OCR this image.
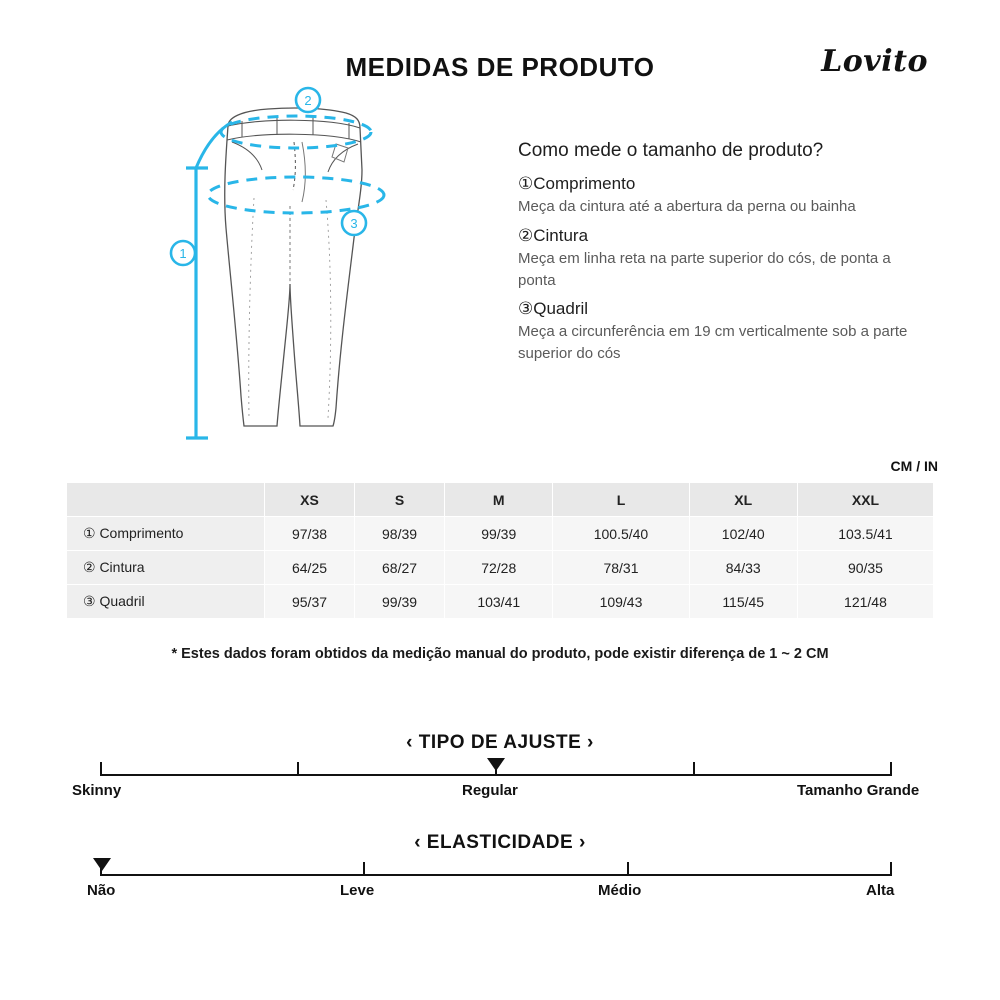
MEDIDAS DE PRODUTO	Lovito
2
3
1
Como mede o tamanho de produto?
①Comprimento
Meça da cintura até a abertura da perna ou bainha
②Cintura
Meça em linha reta na parte superior do cós, de ponta a ponta
③Quadril
Meça a circunferência em 19 cm verticalmente sob a parte superior do cós
CM / IN
	XS	S	M	L	XL	XXL
① Comprimento	97/38	98/39	99/39	100.5/40	102/40	103.5/41
② Cintura	64/25	68/27	72/28	78/31	84/33	90/35
③ Quadril	95/37	99/39	103/41	109/43	115/45	121/48
* Estes dados foram obtidos da medição manual do produto, pode existir diferença de 1 ~ 2 CM
‹ TIPO DE AJUSTE ›
Skinny	Regular	Tamanho Grande
‹ ELASTICIDADE ›
Não	Leve	Médio	Alta
